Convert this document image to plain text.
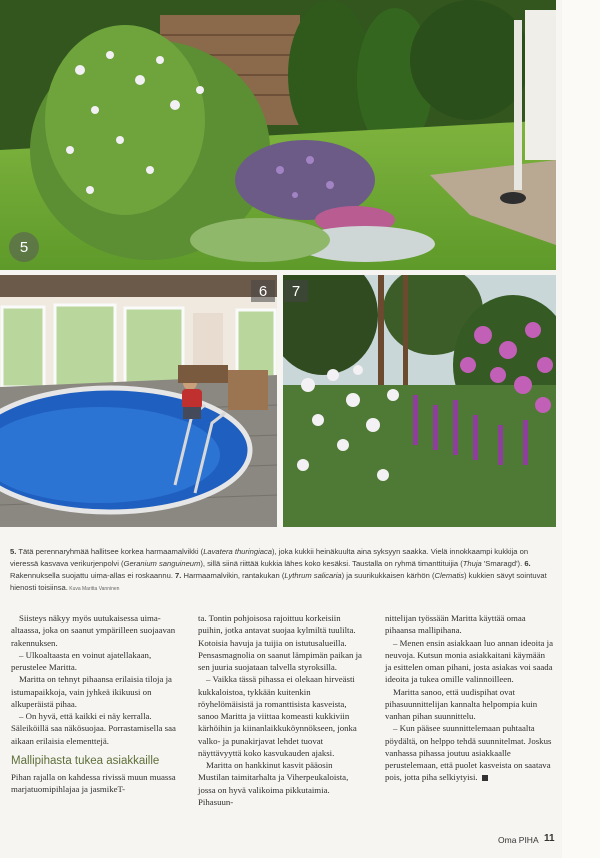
5
6	7
5. Tätä perennaryhmää hallitsee korkea harmaamalvikki (Lavatera thuringiaca), joka kukkii heinäkuulta aina syksyyn saakka. Vielä innokkaampi kukkija on vieressä kasvava verikurjenpolvi (Geranium sanguineum), sillä siinä riittää kukkia lähes koko kesäksi. Taustalla on ryhmä timanttituijia (Thuja 'Smaragd'). 6. Rakennuksella suojattu uima-allas ei roskaannu. 7. Harmaamalvikin, rantakukan (Lythrum salicaria) ja suurikukkaisen kärhön (Clematis) kukkien sävyt sointuvat hienosti toisiinsa. Kuva Maritta Vanninen

Siisteys näkyy myös uutukaisessa uima-altaassa, joka on saanut ympärilleen suojaavan rakennuksen.

– Ulkoaltaasta en voinut ajatellakaan, perustelee Maritta.

Maritta on tehnyt pihaansa erilaisia tiloja ja istumapaikkoja, vain jyhkeä ikikuusi on alkuperäistä pihaa.

– On hyvä, että kaikki ei näy kerralla. Säleiköillä saa näkösuojaa. Porrastamisella saa aikaan erilaisia elementtejä.

Mallipihasta tukea asiakkaille

Pihan rajalla on kahdessa rivissä muun muassa marjatuomipihlajaa ja jasmikeT-

ta. Tontin pohjoisosa rajoittuu korkeisiin puihin, jotka antavat suojaa kylmiltä tuulilta. Kotoisia havuja ja tuijia on istutusalueilla. Pensasmagnolia on saanut lämpimän paikan ja sen juuria suojataan talvella styroksilla.

– Vaikka tässä pihassa ei olekaan hirveästi kukkaloistoa, tykkään kuitenkin röyhelömäisistä ja romanttisista kasveista, sanoo Maritta ja viittaa komeasti kukkiviin kärhöihin ja kiinanlaikkuköynnökseen, jonka valko- ja punakirjavat lehdet tuovat näyttävyyttä koko kasvukauden ajaksi.

Maritta on hankkinut kasvit pääosin Mustilan taimitarhalta ja Viherpeukaloista, jossa on hyvä valikoima pikkutaimia. Pihasuun-

nittelijan työssään Maritta käyttää omaa pihaansa mallipihana.

– Menen ensin asiakkaan luo annan ideoita ja neuvoja. Kutsun monia asiakkaitani käymään ja esittelen oman pihani, josta asiakas voi saada ideoita ja tukea omille valinnoilleen.

Maritta sanoo, että uudispihat ovat pihasuunnittelijan kannalta helpompia kuin vanhan pihan suunnittelu.

– Kun pääsee suunnittelemaan puhtaalta pöydältä, on helppo tehdä suunnitelmat. Joskus vanhassa pihassa joutuu asiakkaalle perustelemaan, että puolet kasveista on saatava pois, jotta piha selkiytyisi.

Oma PIHA 11
